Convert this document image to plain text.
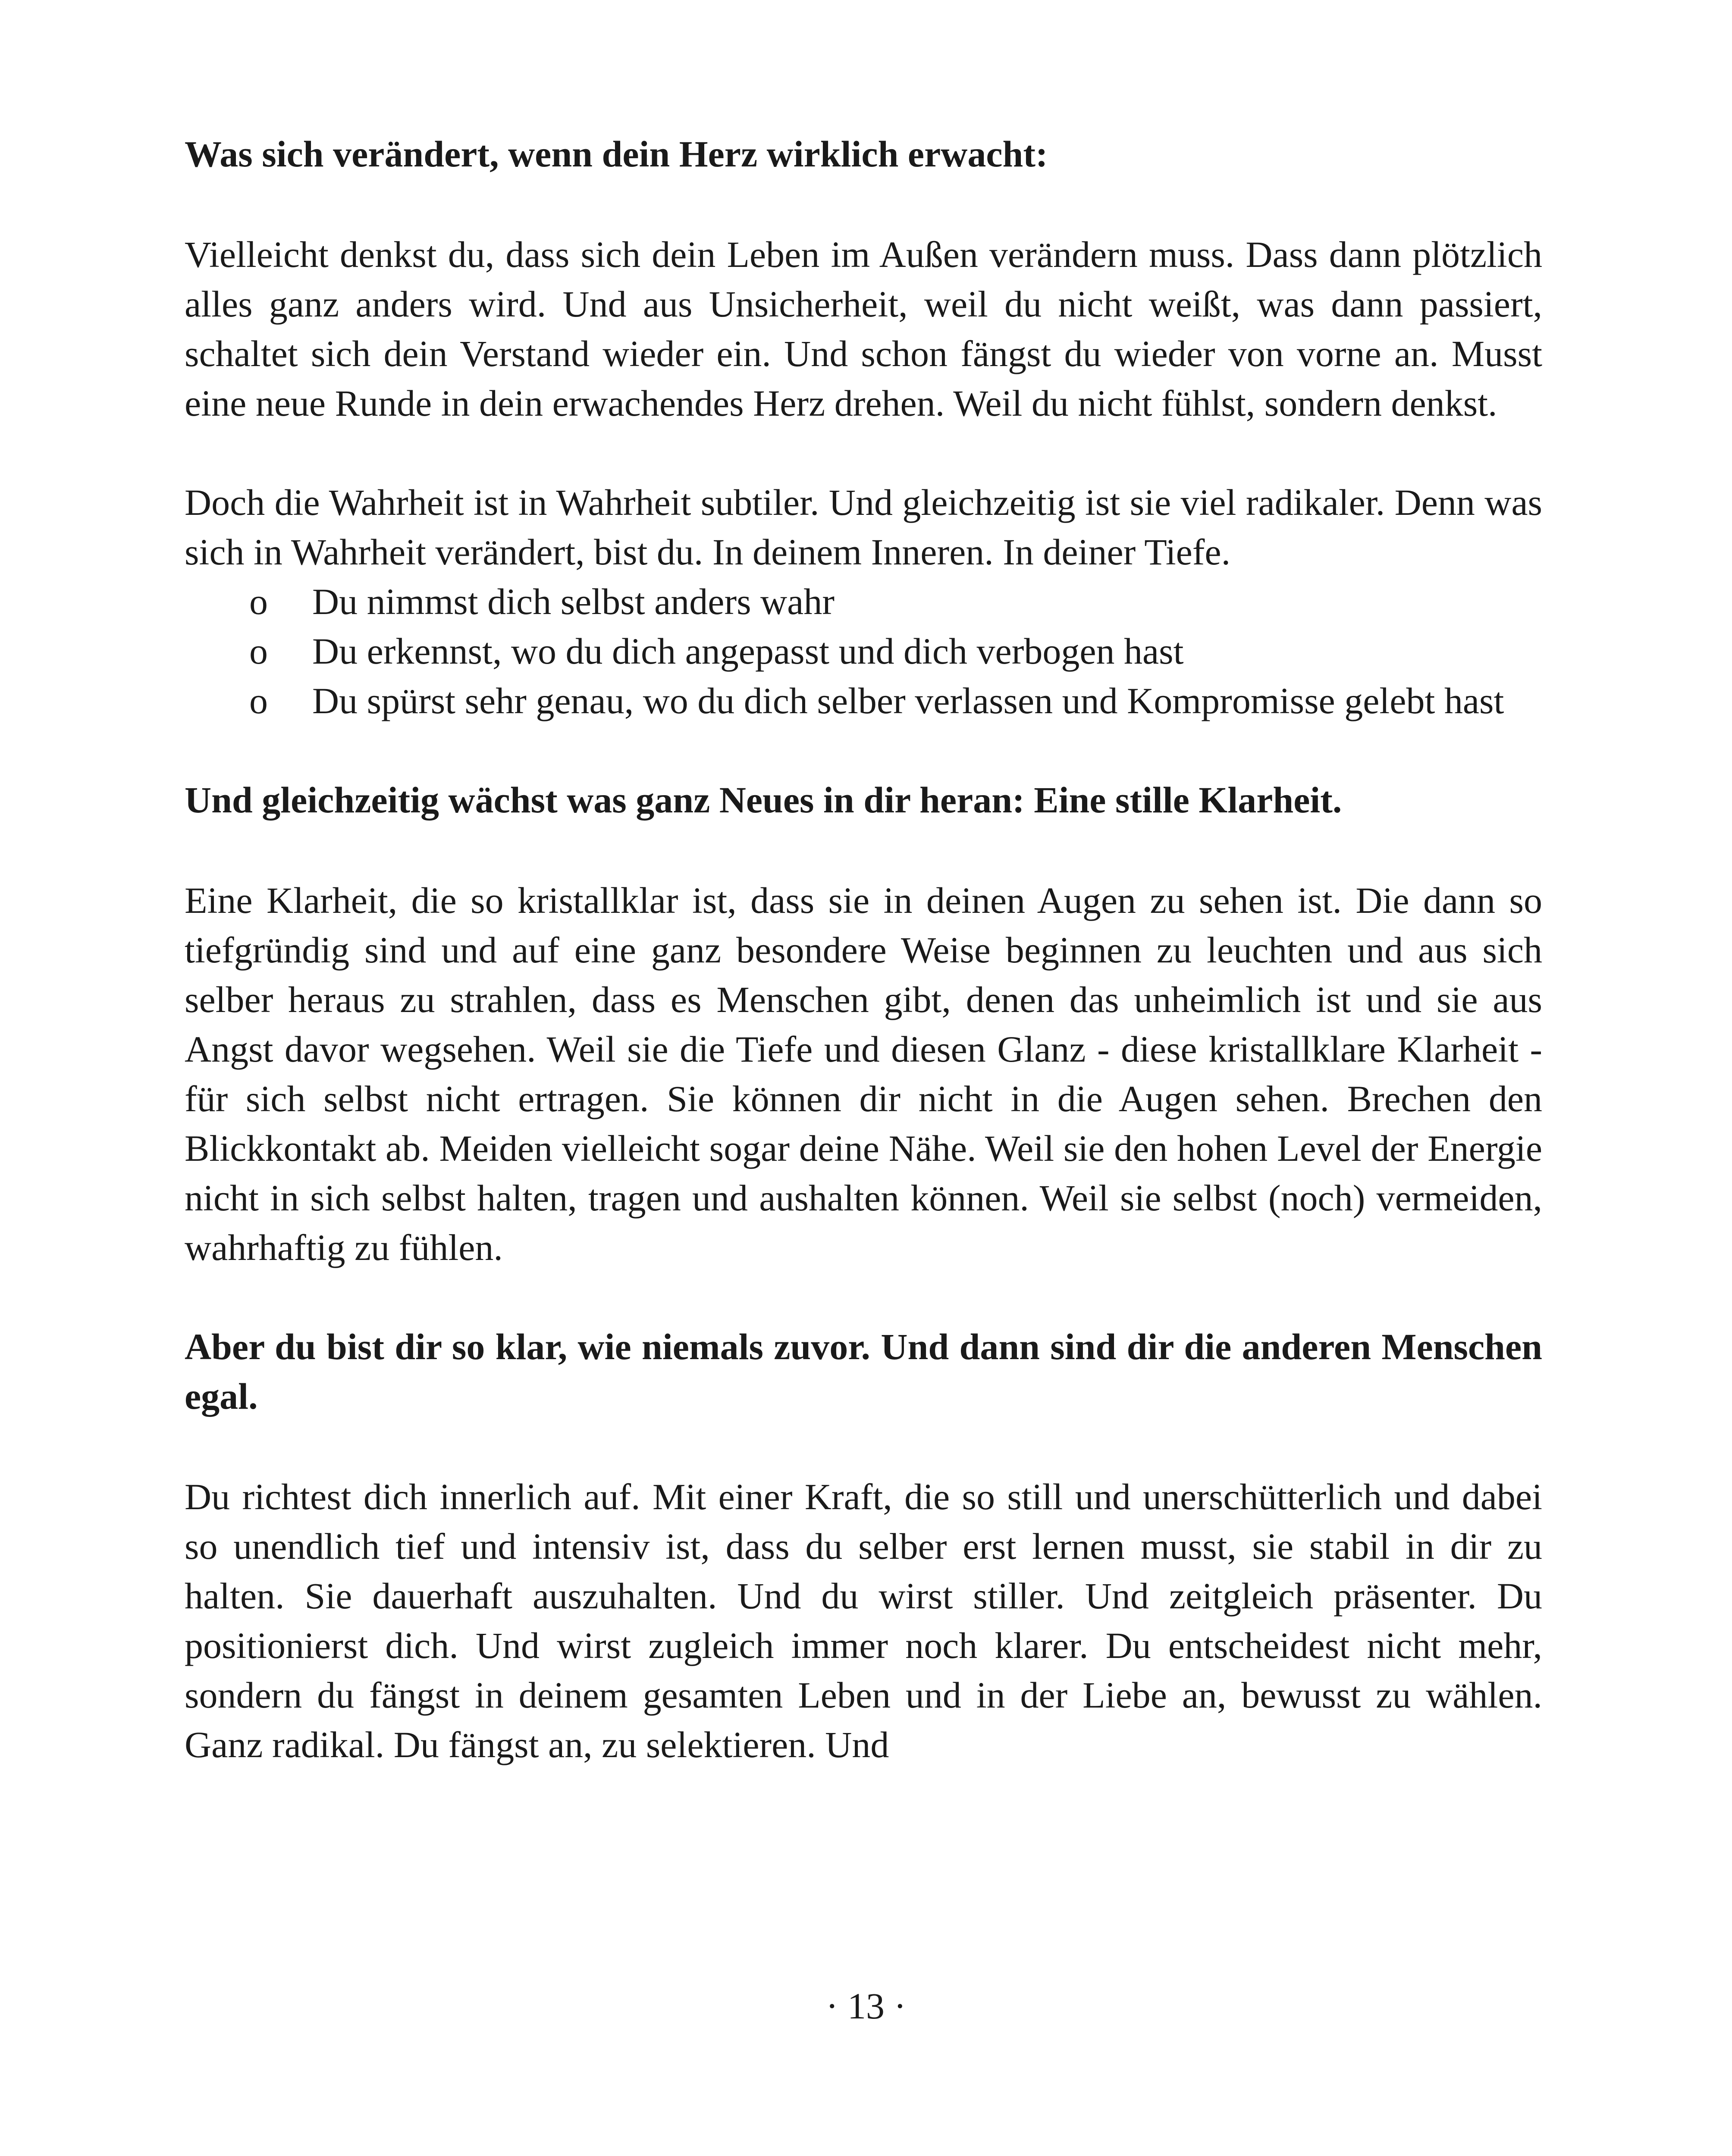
Was sich verändert, wenn dein Herz wirklich erwacht:

Vielleicht denkst du, dass sich dein Leben im Außen verändern muss. Dass dann plötzlich alles ganz anders wird. Und aus Unsicherheit, weil du nicht weißt, was dann passiert, schaltet sich dein Verstand wieder ein. Und schon fängst du wieder von vorne an. Musst eine neue Runde in dein erwachendes Herz drehen. Weil du nicht fühlst, sondern denkst.

Doch die Wahrheit ist in Wahrheit subtiler. Und gleichzeitig ist sie viel radikaler. Denn was sich in Wahrheit verändert, bist du. In deinem Inneren. In deiner Tiefe.

o Du nimmst dich selbst anders wahr
o Du erkennst, wo du dich angepasst und dich verbogen hast
o Du spürst sehr genau, wo du dich selber verlassen und Kompromisse gelebt hast

Und gleichzeitig wächst was ganz Neues in dir heran: Eine stille Klarheit.

Eine Klarheit, die so kristallklar ist, dass sie in deinen Augen zu sehen ist. Die dann so tiefgründig sind und auf eine ganz besondere Weise beginnen zu leuchten und aus sich selber heraus zu strahlen, dass es Menschen gibt, denen das unheimlich ist und sie aus Angst davor wegsehen. Weil sie die Tiefe und diesen Glanz - diese kristallklare Klarheit - für sich selbst nicht ertragen. Sie können dir nicht in die Augen sehen. Brechen den Blickkontakt ab. Meiden vielleicht sogar deine Nähe. Weil sie den hohen Level der Energie nicht in sich selbst halten, tragen und aushalten können. Weil sie selbst (noch) vermeiden, wahrhaftig zu fühlen.

Aber du bist dir so klar, wie niemals zuvor. Und dann sind dir die anderen Menschen egal.

Du richtest dich innerlich auf. Mit einer Kraft, die so still und unerschütterlich und dabei so unendlich tief und intensiv ist, dass du selber erst lernen musst, sie stabil in dir zu halten. Sie dauerhaft auszuhalten. Und du wirst stiller. Und zeitgleich präsenter. Du positionierst dich. Und wirst zugleich immer noch klarer. Du entscheidest nicht mehr, sondern du fängst in deinem gesamten Leben und in der Liebe an, bewusst zu wählen. Ganz radikal. Du fängst an, zu selektieren. Und

· 13 ·
